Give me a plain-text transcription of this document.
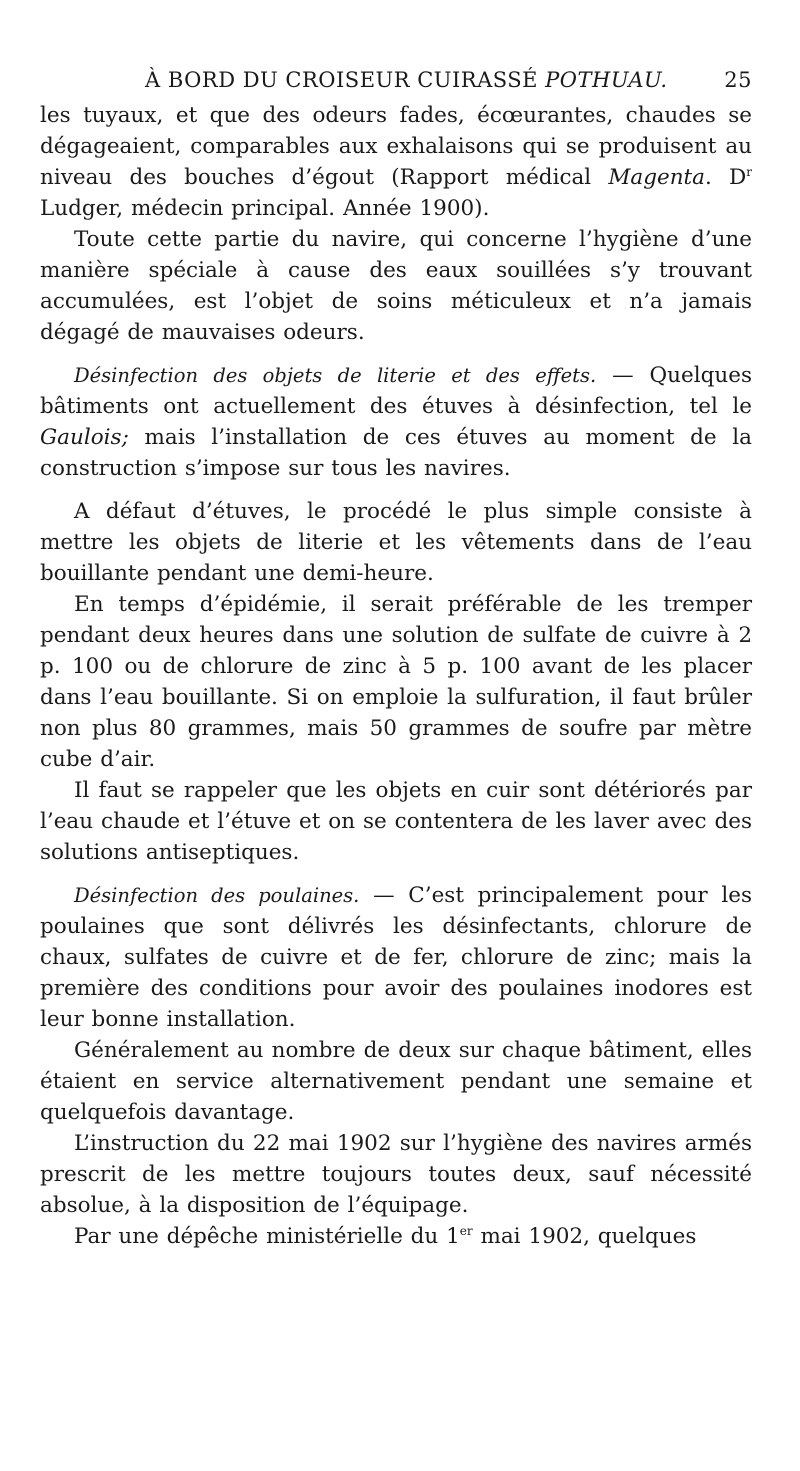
À BORD DU CROISEUR CUIRASSÉ POTHUAU.	25

les tuyaux, et que des odeurs fades, écœurantes, chaudes se dégageaient, comparables aux exhalaisons qui se produisent au niveau des bouches d’égout (Rapport médical Magenta. $D^r$ Ludger, médecin principal. Année 1900).

Toute cette partie du navire, qui concerne l’hygiène d’une manière spéciale à cause des eaux souillées s’y trouvant accumulées, est l’objet de soins méticuleux et n’a jamais dégagé de mauvaises odeurs.

Désinfection des objets de literie et des effets. — Quelques bâtiments ont actuellement des étuves à désinfection, tel le Gaulois; mais l’installation de ces étuves au moment de la construction s’impose sur tous les navires.

A défaut d’étuves, le procédé le plus simple consiste à mettre les objets de literie et les vêtements dans de l’eau bouillante pendant une demi-heure.

En temps d’épidémie, il serait préférable de les tremper pendant deux heures dans une solution de sulfate de cuivre à 2 p. 100 ou de chlorure de zinc à 5 p. 100 avant de les placer dans l’eau bouillante. Si on emploie la sulfuration, il faut brûler non plus 80 grammes, mais 50 grammes de soufre par mètre cube d’air.

Il faut se rappeler que les objets en cuir sont détériorés par l’eau chaude et l’étuve et on se contentera de les laver avec des solutions antiseptiques.

Désinfection des poulaines. — C’est principalement pour les poulaines que sont délivrés les désinfectants, chlorure de chaux, sulfates de cuivre et de fer, chlorure de zinc; mais la première des conditions pour avoir des poulaines inodores est leur bonne installation.

Généralement au nombre de deux sur chaque bâtiment, elles étaient en service alternativement pendant une semaine et quelquefois davantage.

L’instruction du 22 mai 1902 sur l’hygiène des navires armés prescrit de les mettre toujours toutes deux, sauf nécessité absolue, à la disposition de l’équipage.

Par une dépêche ministérielle du 1er mai 1902, quelques
